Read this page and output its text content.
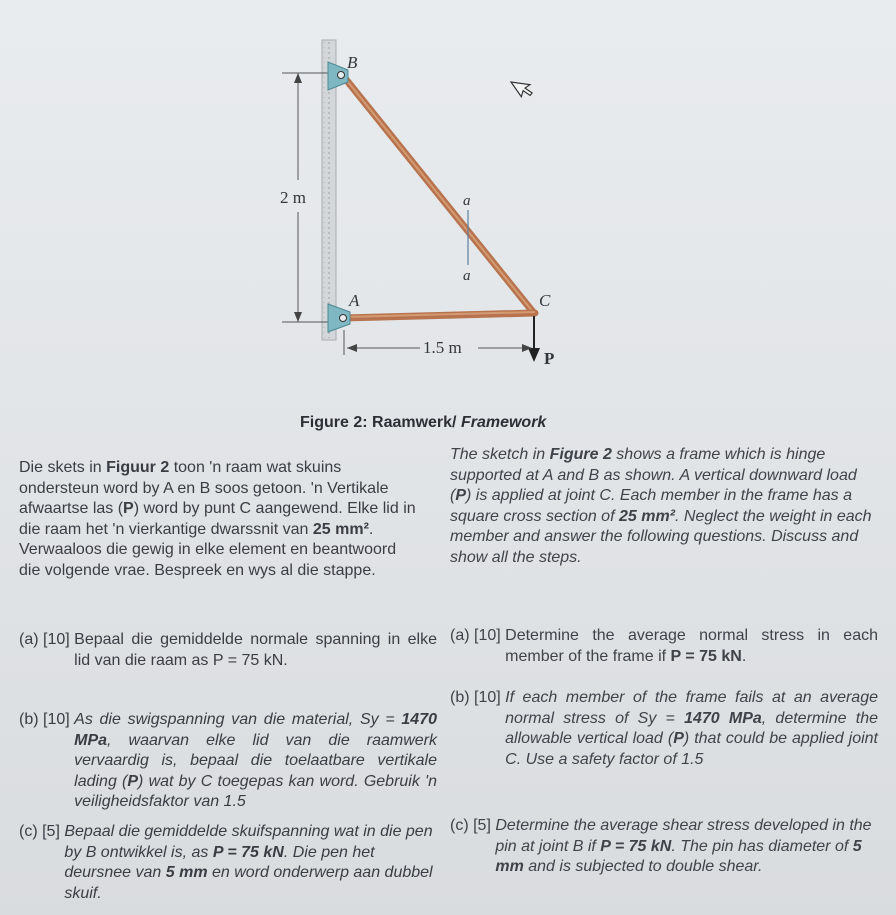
2 m	a
a
B
A	C
P
1.5 m
Figure 2: Raamwerk/ Framework
Die skets in Figuur 2 toon 'n raam wat skuins ondersteun word by A en B soos getoon. 'n Vertikale afwaartse las (P) word by punt C aangewend. Elke lid in die raam het 'n vierkantige dwarssnit van 25 mm². Verwaaloos die gewig in elke element en beantwoord die volgende vrae. Bespreek en wys al die stappe.
The sketch in Figure 2 shows a frame which is hinge supported at A and B as shown. A vertical downward load (P) is applied at joint C. Each member in the frame has a square cross section of 25 mm². Neglect the weight in each member and answer the following questions. Discuss and show all the steps.
(a) [10] Bepaal die gemiddelde normale spanning in elke lid van die raam as P = 75 kN.
(a) [10] Determine the average normal stress in each member of the frame if P = 75 kN.
(b) [10] As die swigspanning van die material, Sy = 1470 MPa, waarvan elke lid van die raamwerk vervaardig is, bepaal die toelaatbare vertikale lading (P) wat by C toegepas kan word. Gebruik 'n veiligheidsfaktor van 1.5
(b) [10] If each member of the frame fails at an average normal stress of Sy = 1470 MPa, determine the allowable vertical load (P) that could be applied joint C. Use a safety factor of 1.5
(c) [5] Bepaal die gemiddelde skuifspanning wat in die pen by B ontwikkel is, as P = 75 kN. Die pen het deursnee van 5 mm en word onderwerp aan dubbel skuif.
(c) [5] Determine the average shear stress developed in the pin at joint B if P = 75 kN. The pin has diameter of 5 mm and is subjected to double shear.
